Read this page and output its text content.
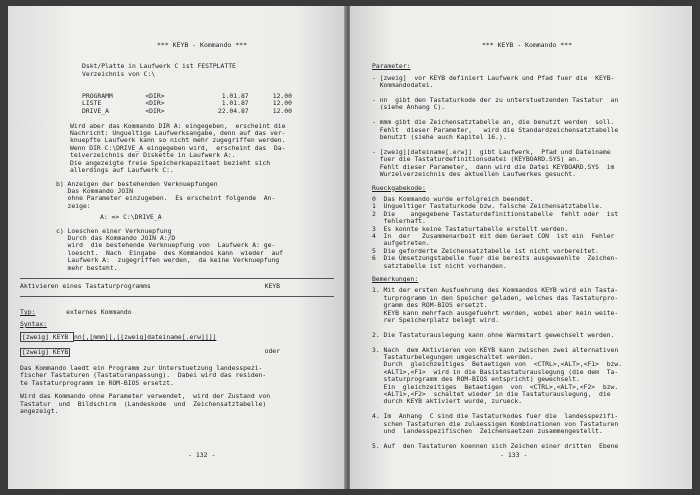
*** KEYB - Kommando ***
Dskt/Platte in Laufwerk C ist FESTPLATTE
Verzeichnis von C:\

PROGRAMM	<DIR>	1.01.87	12.00
LISTE	<DIR>	1.01.87	12.00
DRIVE_A	<DIR>	22.04.87	12.00

Wird aber das Kommando DIR A: eingegeben,  erscheint die
Nachricht: Ungueltige Laufwerksangabe, denn auf das ver-
knuepfte Laufwerk kann so nicht mehr zugegriffen werden.
Wenn DIR C:\DRIVE_A eingegeben wird,  erscheint das  Da-
teiverzeichnis der Diskette in Laufwerk A:.
Die angezeigte freie Speicherkapazitaet bezieht sich
allerdings auf Laufwerk C:.
b) Anzeigen der bestehenden Verknuepfungen
Das Kommando JOIN
ohne Parameter einzugeben.  Es erscheint folgende  An-
zeige:
A: => C:\DRIVE_A
c) Loeschen einer Verknuepfung
Durch das Kommando JOIN A:/D
wird  die bestehende Verknuepfung von  Laufwerk A: ge-
loescht.  Nach  Eingabe  des Kommandos kann  wieder  auf
Laufwerk A:  zugegriffen werden,  da keine Verknuepfung
mehr besteht.
Aktivieren eines Tastaturprogramms	KEYB
Typ:	externes Kommando
Syntax:
[zweig] KEYB nn[,[mmm][,[[zweig]dateiname[.erw]]]]
[zweig] KEYB	oder
Das Kommando laedt ein Programm zur Unterstuetzung landesspezi-
fischer Tastaturen (Tastaturanpassung).  Dabei wird das residen-
te Tastaturprogramm im ROM-BIOS ersetzt.
Wird das Kommando ohne Parameter verwendet,  wird der Zustand von
Tastatur  und  Bildschirm  (Landeskode  und  Zeichensatztabelle)
angezeigt.
- 132 -
*** KEYB - Kommando ***
Parameter:
- [zweig]  vor KEYB definiert Laufwerk und Pfad fuer die  KEYB-
Kommandodatei.

- nn  gibt den Tastaturkode der zu unterstuetzenden Tastatur  an
(siehe Anhang C).

- mmm gibt die Zeichensatztabelle an, die benutzt werden  soll.
Fehlt  dieser Parameter,   wird die Standardzeichensatztabelle
benutzt (siehe auch Kapitel 16.).

- [zweig][dateiname[.erw]]  gibt Laufwerk,  Pfad und Dateiname
fuer die Tastaturdefinitionsdatei (KEYBOARD.SYS) an.
Fehlt dieser Parameter,  dann wird die Datei KEYBOARD.SYS  im
Wurzelverzeichnis des aktuellen Laufwerkes gesucht.
Rueckgabekode:
0  Das Kommando wurde erfolgreich beendet.
1  Ungueltiger Tastaturkode bzw. falsche Zeichensatztabelle.
2  Die    angegebene Tastaturdefinitionstabelle  fehlt oder  ist
fehlerhaft.
3  Es konnte keine Tastaturtabelle erstellt werden.
4  In  der   Zusammenarbeit mit dem Geraet CON  ist ein  Fehler
aufgetreten.
5  Die geforderte Zeichensatztabelle ist nicht vorbereitet.
6  Die Umsetzungstabelle fuer die bereits ausgewaehlte  Zeichen-
satztabelle ist nicht vorhanden.
Bemerkungen:
1. Mit der ersten Ausfuehrung des Kommandos KEYB wird ein Tasta-
turprogramm in den Speicher geladen, welches das Tastaturpro-
gramm des ROM-BIOS ersetzt.
KEYB kann mehrfach ausgefuehrt werden, wobei aber kein weite-
rer Speicherplatz belegt wird.

2. Die Tastaturauslegung kann ohne Warmstart gewechselt werden.

3. Nach  dem Aktivieren von KEYB kann zwischen zwei alternativen
Tastaturbelegungen umgeschaltet werden.
Durch  gleichzeitiges  Betaetigen von  <CTRL>,<ALT>,<F1>  bzw.
<ALT1>,<F1>  wird in die Basistastaturauslegung (die dem  Ta-
staturprogramm des ROM-BIOS entspricht) gewechselt.
Ein  gleichzeitiges  Betaetigen  von  <CTRL>,<ALT>,<F2>  bzw.
<ALT1>,<F2>  schaltet wieder in die Tastaturauslegung,  die
durch KEYB aktiviert wurde, zurueck.

4. Im  Anhang  C sind die Tastaturkodes fuer die  landesspezifi-
schen Tastaturen die zulaessigen Kombinationen von Tastaturen
und  landesspezifischen  Zeichensaetzen zusammengestellt.

5. Auf  den Tastaturen koennen sich Zeichen einer dritten  Ebene
- 133 -
